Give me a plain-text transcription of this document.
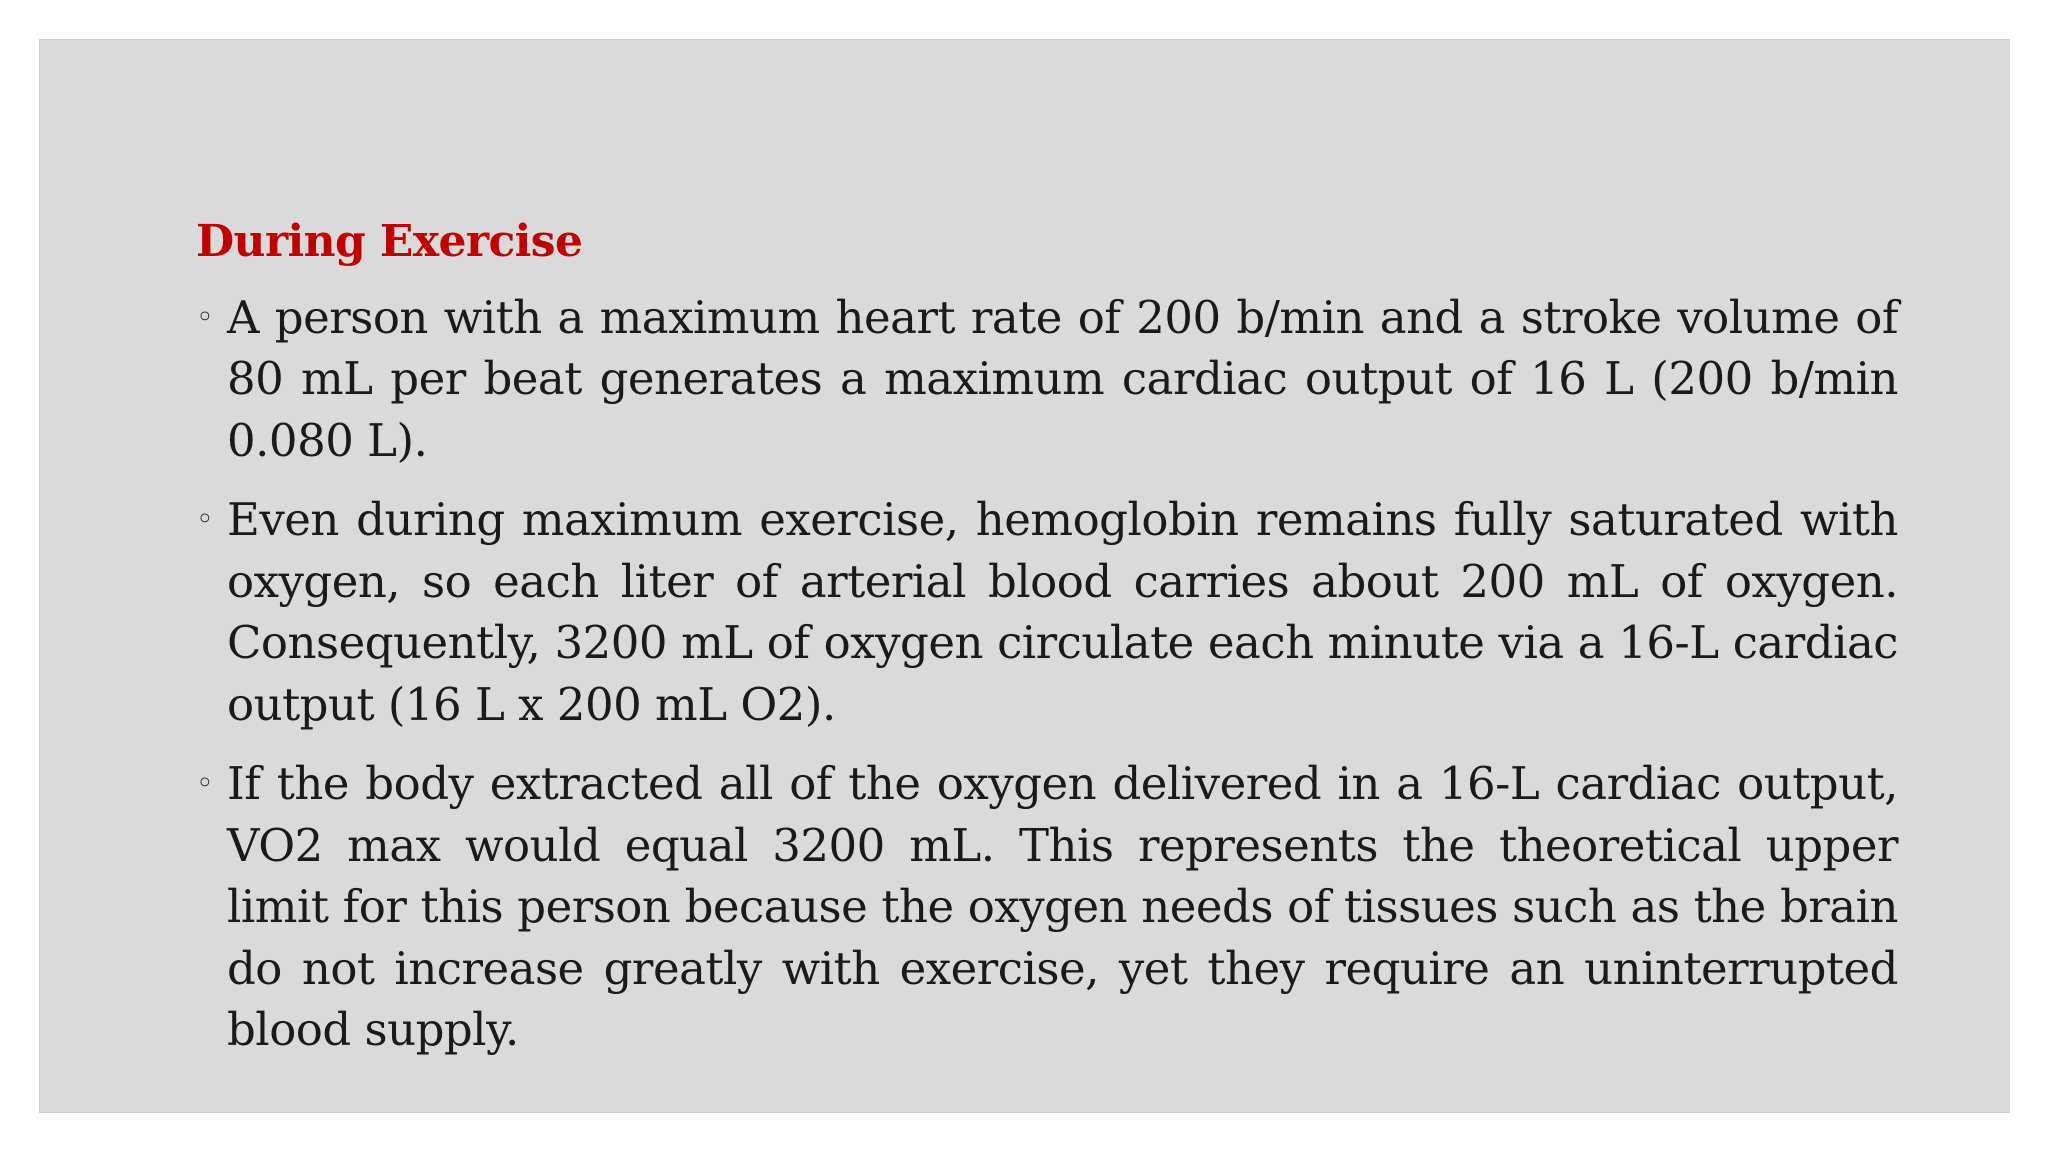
During Exercise
◦ A person with a maximum heart rate of 200 b/min and a stroke volume of 80 mL per beat generates a maximum cardiac output of 16 L (200 b/min 0.080 L).
◦ Even during maximum exercise, hemoglobin remains fully saturated with oxygen, so each liter of arterial blood carries about 200 mL of oxygen. Consequently, 3200 mL of oxygen circulate each minute via a 16-L cardiac output (16 L x 200 mL O2).
◦ If the body extracted all of the oxygen delivered in a 16-L cardiac output, VO2 max would equal 3200 mL. This represents the theoretical upper limit for this person because the oxygen needs of tissues such as the brain do not increase greatly with exercise, yet they require an uninterrupted blood supply.
